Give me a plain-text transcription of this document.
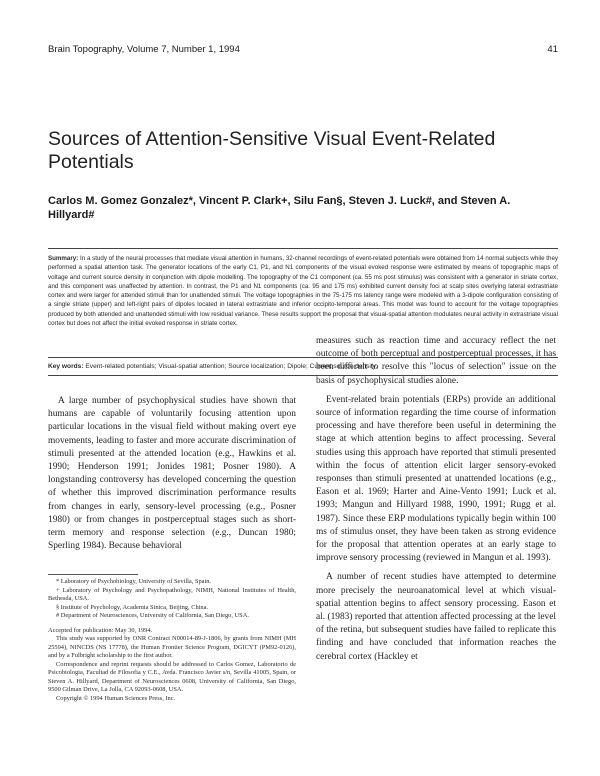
Brain Topography, Volume 7, Number 1, 1994	41
Sources of Attention-Sensitive Visual Event-Related Potentials
Carlos M. Gomez Gonzalez*, Vincent P. Clark+, Silu Fan§, Steven J. Luck#, and Steven A. Hillyard#
Summary: In a study of the neural processes that mediate visual attention in humans, 32-channel recordings of event-related potentials were obtained from 14 normal subjects while they performed a spatial attention task. The generator locations of the early C1, P1, and N1 components of the visual evoked response were estimated by means of topographic maps of voltage and current source density in conjunction with dipole modelling. The topography of the C1 component (ca. 55 ms post stimulus) was consistent with a generator in striate cortex, and this component was unaffected by attention. In contrast, the P1 and N1 components (ca. 95 and 175 ms) exhibited current density foci at scalp sites overlying lateral extrastriate cortex and were larger for attended stimuli than for unattended stimuli. The voltage topographies in the 75-175 ms latency range were modeled with a 3-dipole configuration consisting of a single striate (upper) and left-right pairs of dipoles located in lateral extrastriate and inferior occipito-temporal areas. This model was found to account for the voltage topographies produced by both attended and unattended stimuli with low residual variance. These results support the proposal that visual-spatial attention modulates neural activity in extrastriate visual cortex but does not affect the initial evoked response in striate cortex.
Key words: Event-related potentials; Visual-spatial attention; Source localization; Dipole; Current source density.
A large number of psychophysical studies have shown that humans are capable of voluntarily focusing attention upon particular locations in the visual field without making overt eye movements, leading to faster and more accurate discrimination of stimuli presented at the attended location (e.g., Hawkins et al. 1990; Henderson 1991; Jonides 1981; Posner 1980). A longstanding controversy has developed concerning the question of whether this improved discrimination performance results from changes in early, sensory-level processing (e.g., Posner 1980) or from changes in postperceptual stages such as short-term memory and response selection (e.g., Duncan 1980; Sperling 1984). Because behavioral

* Laboratory of Psychobiology, University of Sevilla, Spain.

+ Laboratory of Psychology and Psychopathology, NIMH, National Institutes of Health, Bethesda, USA.

§ Institute of Psychology, Academia Sinica, Beijing, China.

# Department of Neurosciences, University of California, San Diego, USA.

Accepted for publication: May 30, 1994.

This study was supported by ONR Contract N00014-89-J-1806, by grants from NIMH (MH 25594), NINCDS (NS 17778), the Human Frontier Science Program, DGICYT (PM92-0126), and by a Fulbright scholarship to the first author.

Correspondence and reprint requests should be addressed to Carlos Gomez, Laboratorio de Psicobiologia, Facultad de Filosofia y C.E., Avda. Francisco Javier s/n, Sevilla 41005, Spain, or Steven A. Hillyard, Department of Neurosciences 0608, University of California, San Diego, 9500 Gilman Drive, La Jolla, CA 92093-0608, USA.

Copyright © 1994 Human Sciences Press, Inc.

measures such as reaction time and accuracy reflect the net outcome of both perceptual and postperceptual processes, it has been difficult to resolve this "locus of selection" issue on the basis of psychophysical studies alone.

Event-related brain potentials (ERPs) provide an additional source of information regarding the time course of information processing and have therefore been useful in determining the stage at which attention begins to affect processing. Several studies using this approach have reported that stimuli presented within the focus of attention elicit larger sensory-evoked responses than stimuli presented at unattended locations (e.g., Eason et al. 1969; Harter and Aine-Vento 1991; Luck et al. 1993; Mangun and Hillyard 1988, 1990, 1991; Rugg et al. 1987). Since these ERP modulations typically begin within 100 ms of stimulus onset, they have been taken as strong evidence for the proposal that attention operates at an early stage to improve sensory processing (reviewed in Mangun et al. 1993).

A number of recent studies have attempted to determine more precisely the neuroanatomical level at which visual-spatial attention begins to affect sensory processing. Eason et al. (1983) reported that attention affected processing at the level of the retina, but subsequent studies have failed to replicate this finding and have concluded that information reaches the cerebral cortex (Hackley et
